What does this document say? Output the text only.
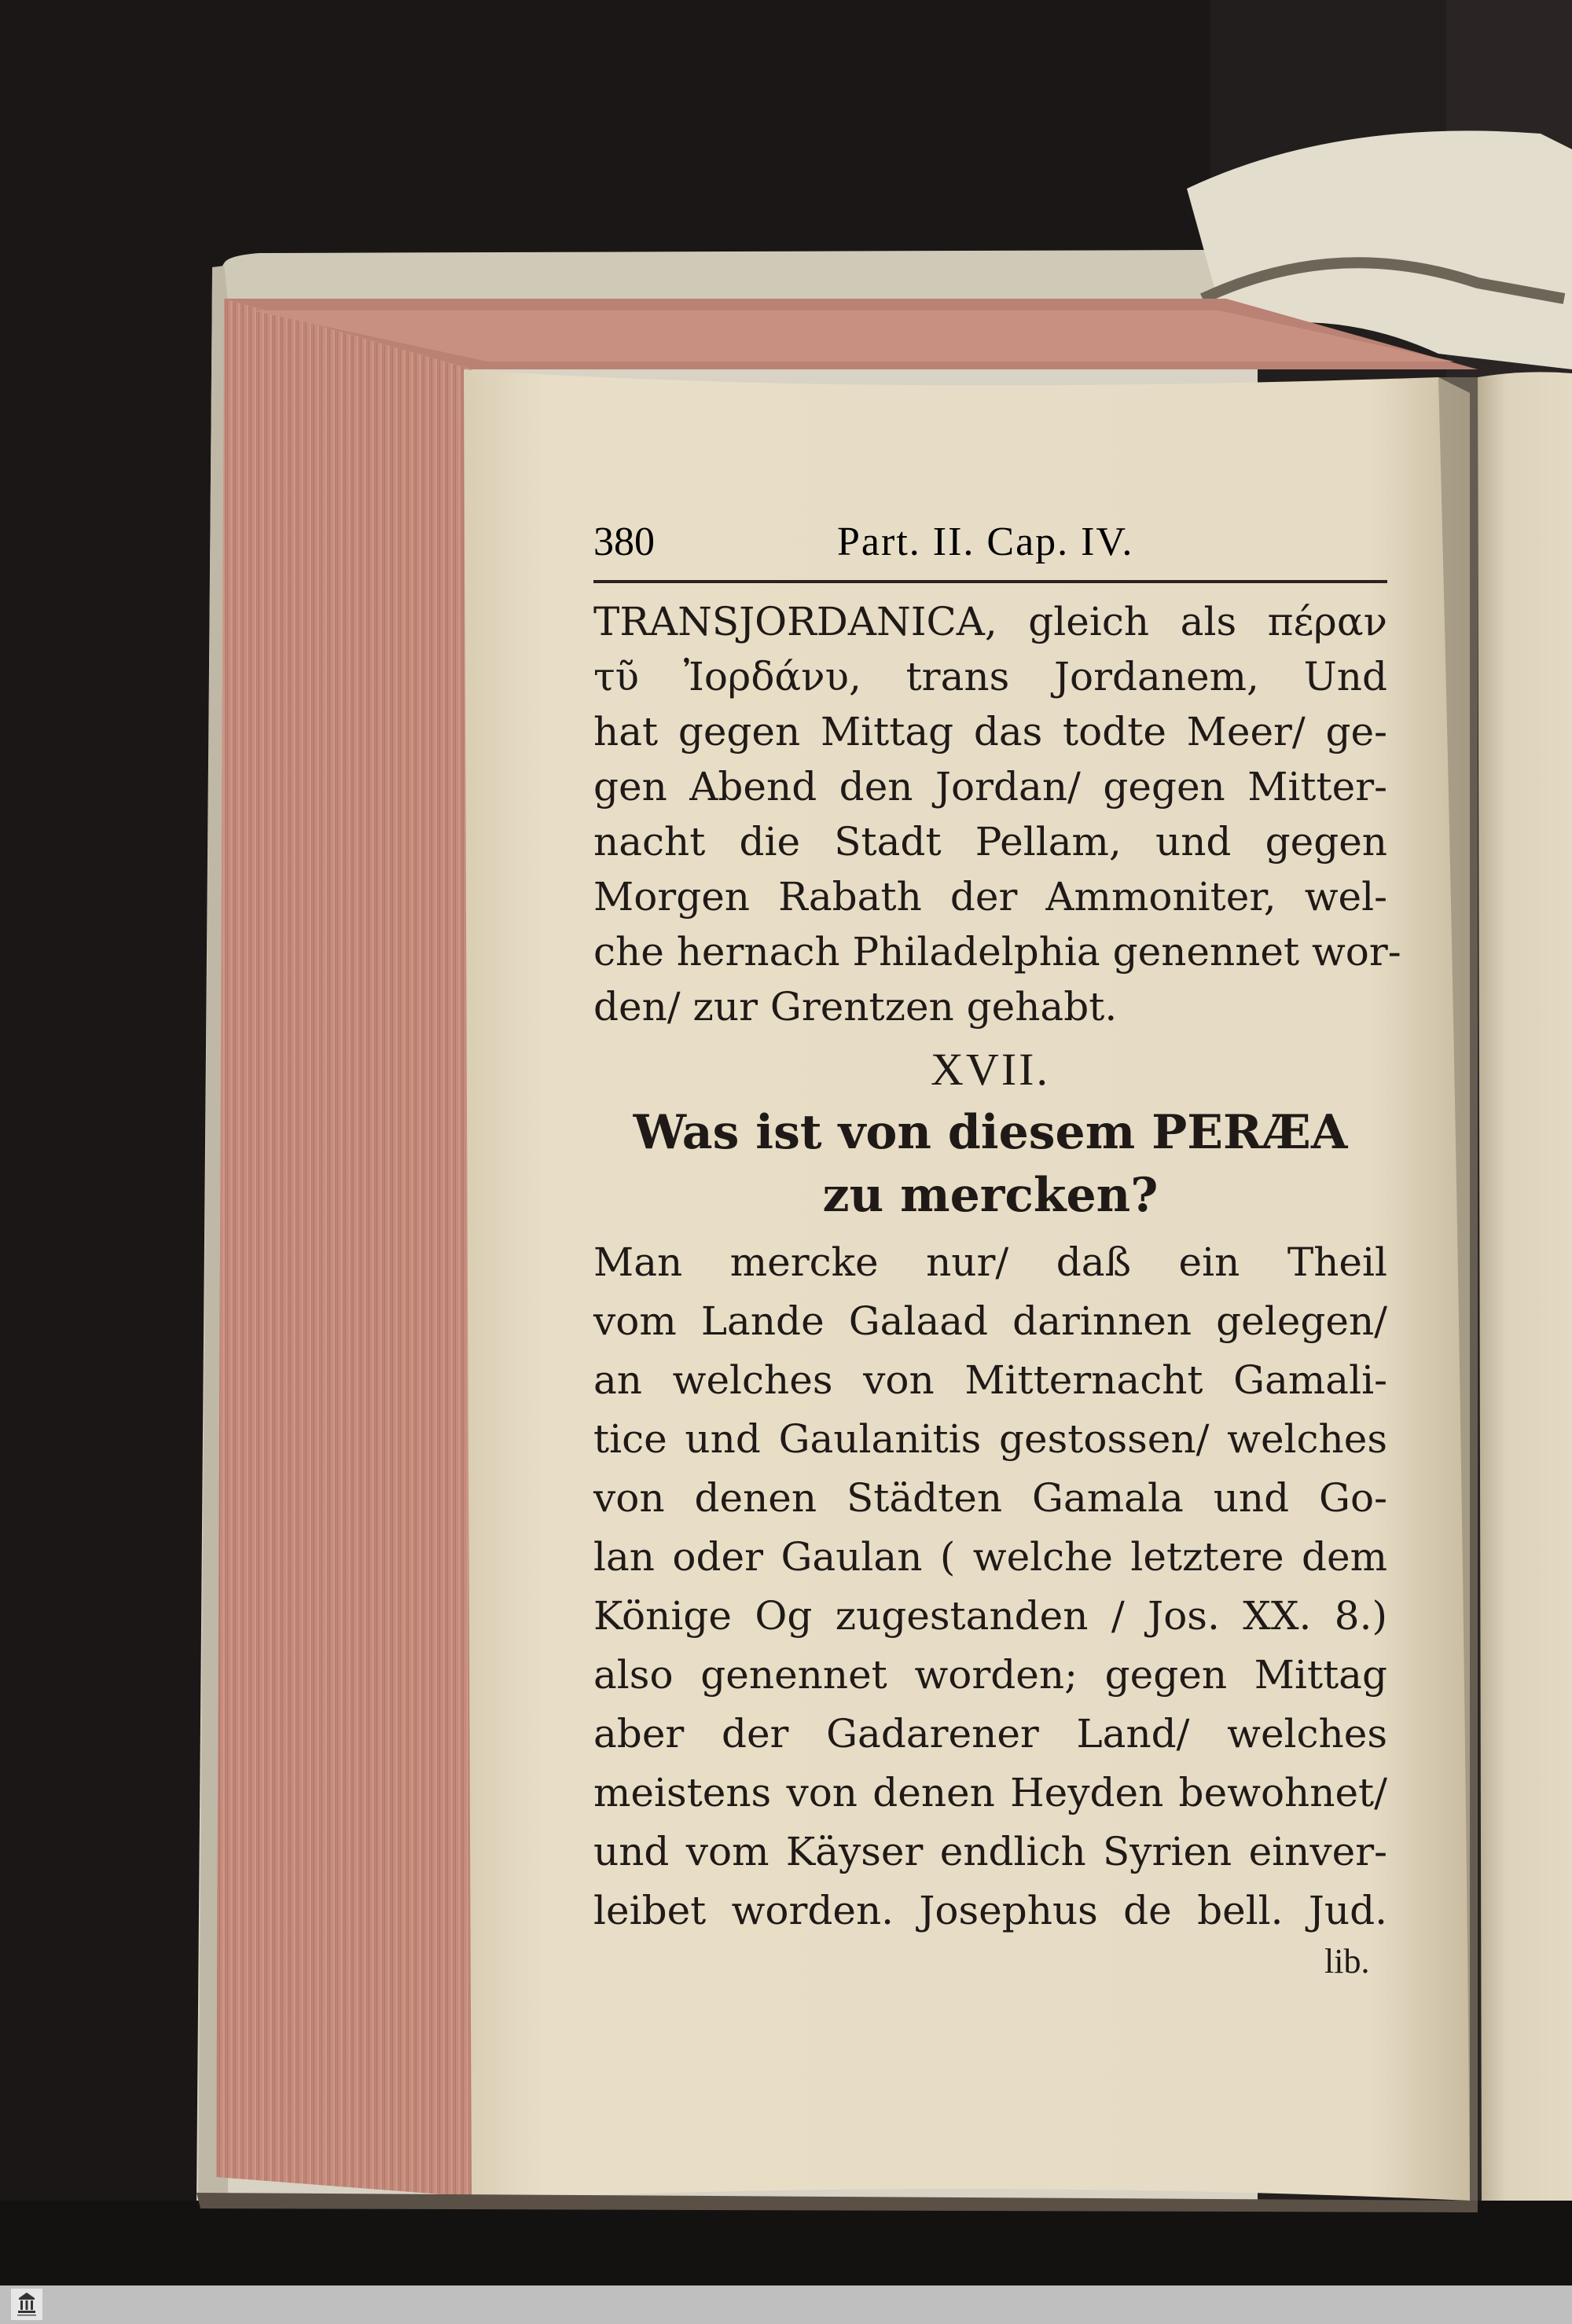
380	Part. II. Cap. IV.
TRANSJORDANICA, gleich als πέραν
τῦ Ἰορδάνυ, trans Jordanem, Und
hat gegen Mittag das todte Meer/ ge-
gen Abend den Jordan/ gegen Mitter-
nacht die Stadt Pellam, und gegen
Morgen Rabath der Ammoniter, wel-
che hernach Philadelphia genennet wor-
den/ zur Grentzen gehabt.
XVII.
Was ist von diesem PERÆA
zu mercken?
Man mercke nur/ daß ein Theil
vom Lande Galaad darinnen gelegen/
an welches von Mitternacht Gamali-
tice und Gaulanitis gestossen/ welches
von denen Städten Gamala und Go-
lan oder Gaulan ( welche letztere dem
Könige Og zugestanden / Jos. XX. 8.)
also genennet worden; gegen Mittag
aber der Gadarener Land/ welches
meistens von denen Heyden bewohnet/
und vom Käyser endlich Syrien einver-
leibet worden. Josephus de bell. Jud.
lib.
